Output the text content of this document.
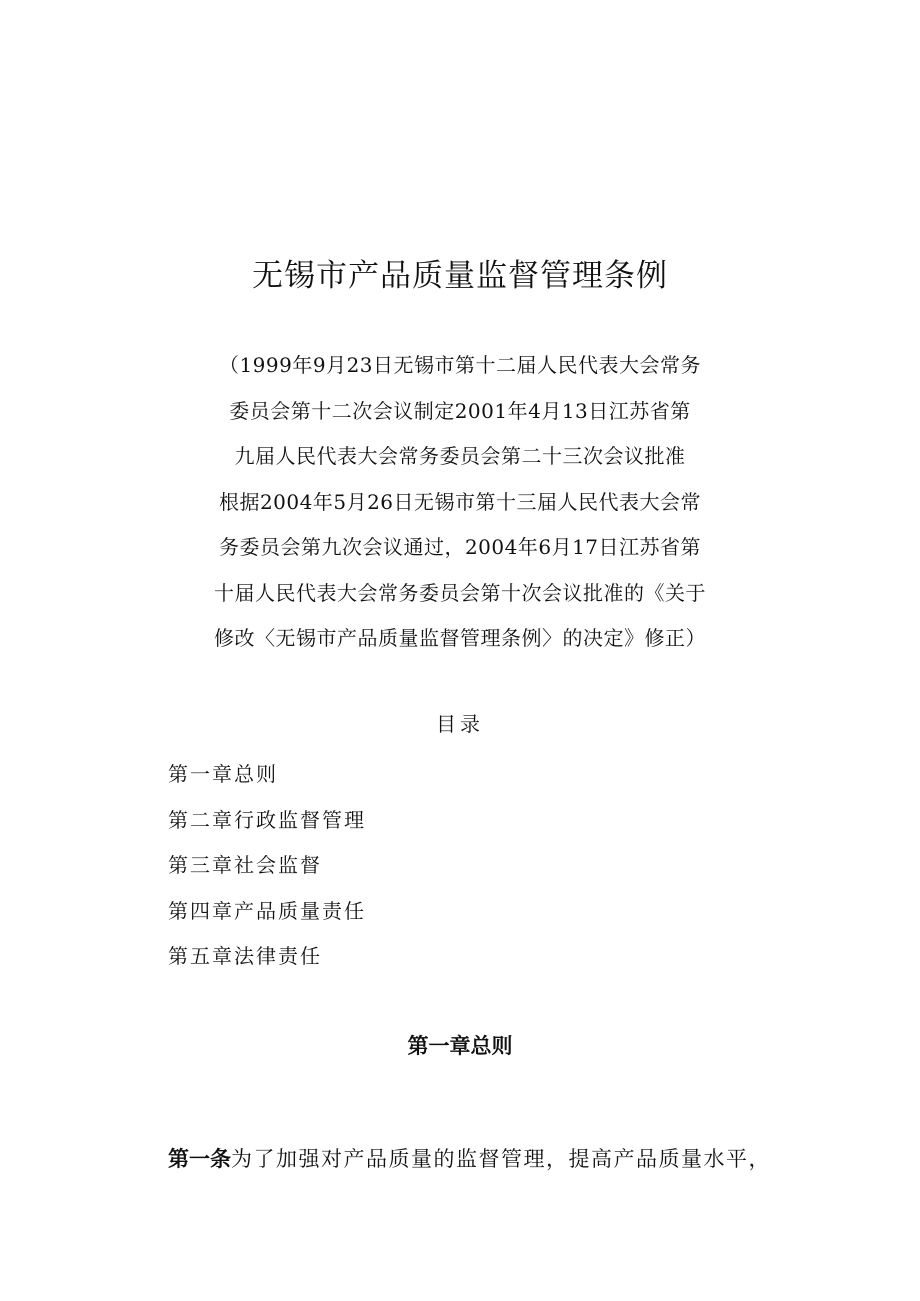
无锡市产品质量监督管理条例
（1999年9月23日无锡市第十二届人民代表大会常务
委员会第十二次会议制定2001年4月13日江苏省第
九届人民代表大会常务委员会第二十三次会议批准
根据2004年5月26日无锡市第十三届人民代表大会常
务委员会第九次会议通过，2004年6月17日江苏省第
十届人民代表大会常务委员会第十次会议批准的《关于
修改〈无锡市产品质量监督管理条例〉的决定》修正）
目录
第一章总则
第二章行政监督管理
第三章社会监督
第四章产品质量责任
第五章法律责任
第一章总则

第一条为了加强对产品质量的监督管理，提高产品质量水平，
